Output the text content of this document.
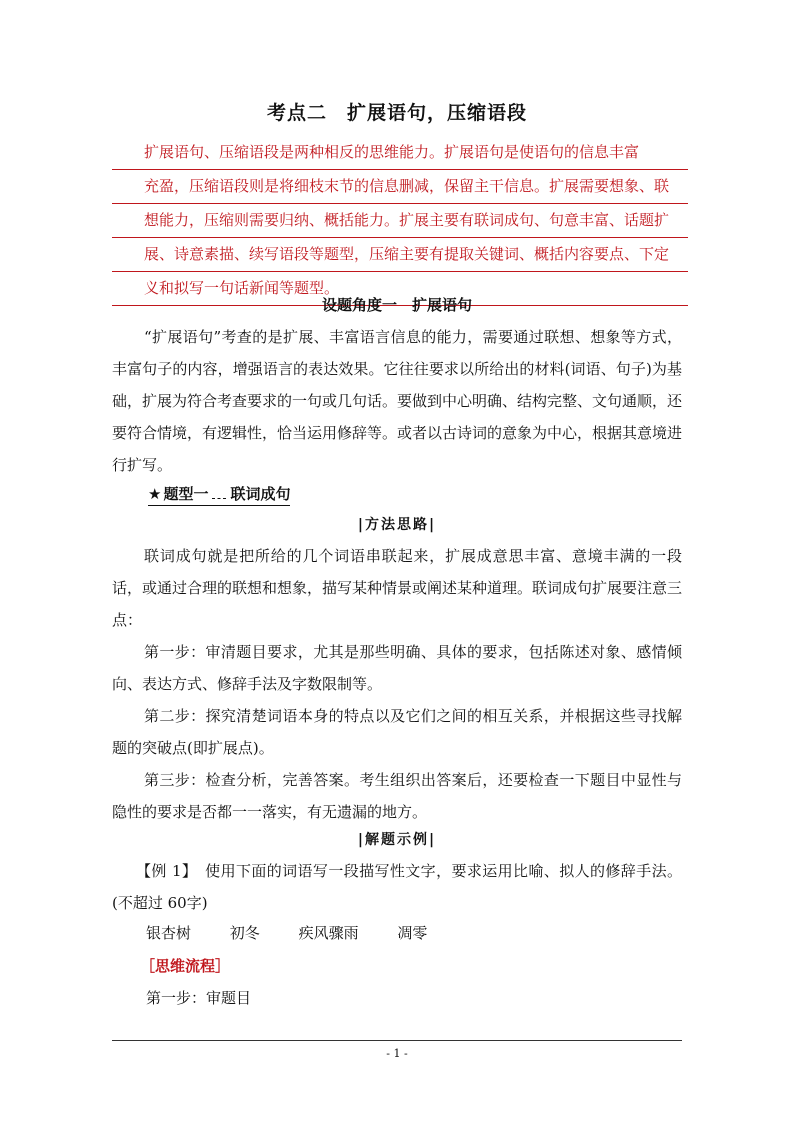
考点二　扩展语句，压缩语段
扩展语句、压缩语段是两种相反的思维能力。扩展语句是使语句的信息丰富
充盈，压缩语段则是将细枝末节的信息删减，保留主干信息。扩展需要想象、联
想能力，压缩则需要归纳、概括能力。扩展主要有联词成句、句意丰富、话题扩
展、诗意素描、续写语段等题型，压缩主要有提取关键词、概括内容要点、下定
义和拟写一句话新闻等题型。
设题角度一　扩展语句
“扩展语句”考查的是扩展、丰富语言信息的能力，需要通过联想、想象等方式，丰富句子的内容，增强语言的表达效果。它往往要求以所给出的材料(词语、句子)为基础，扩展为符合考查要求的一句或几句话。要做到中心明确、结构完整、文句通顺，还要符合情境，有逻辑性，恰当运用修辞等。或者以古诗词的意象为中心，根据其意境进行扩写。
★ 题型一 联词成句
|方法思路|
联词成句就是把所给的几个词语串联起来，扩展成意思丰富、意境丰满的一段话，或通过合理的联想和想象，描写某种情景或阐述某种道理。联词成句扩展要注意三点：
第一步：审清题目要求，尤其是那些明确、具体的要求，包括陈述对象、感情倾向、表达方式、修辞手法及字数限制等。
第二步：探究清楚词语本身的特点以及它们之间的相互关系，并根据这些寻找解题的突破点(即扩展点)。
第三步：检查分析，完善答案。考生组织出答案后，还要检查一下题目中显性与隐性的要求是否都一一落实，有无遗漏的地方。
|解题示例|
【例 1】　使用下面的词语写一段描写性文字，要求运用比喻、拟人的修辞手法。(不超过 60字)
银杏树	初冬	疾风骤雨	凋零
［思维流程］
第一步：审题目
- 1 -
